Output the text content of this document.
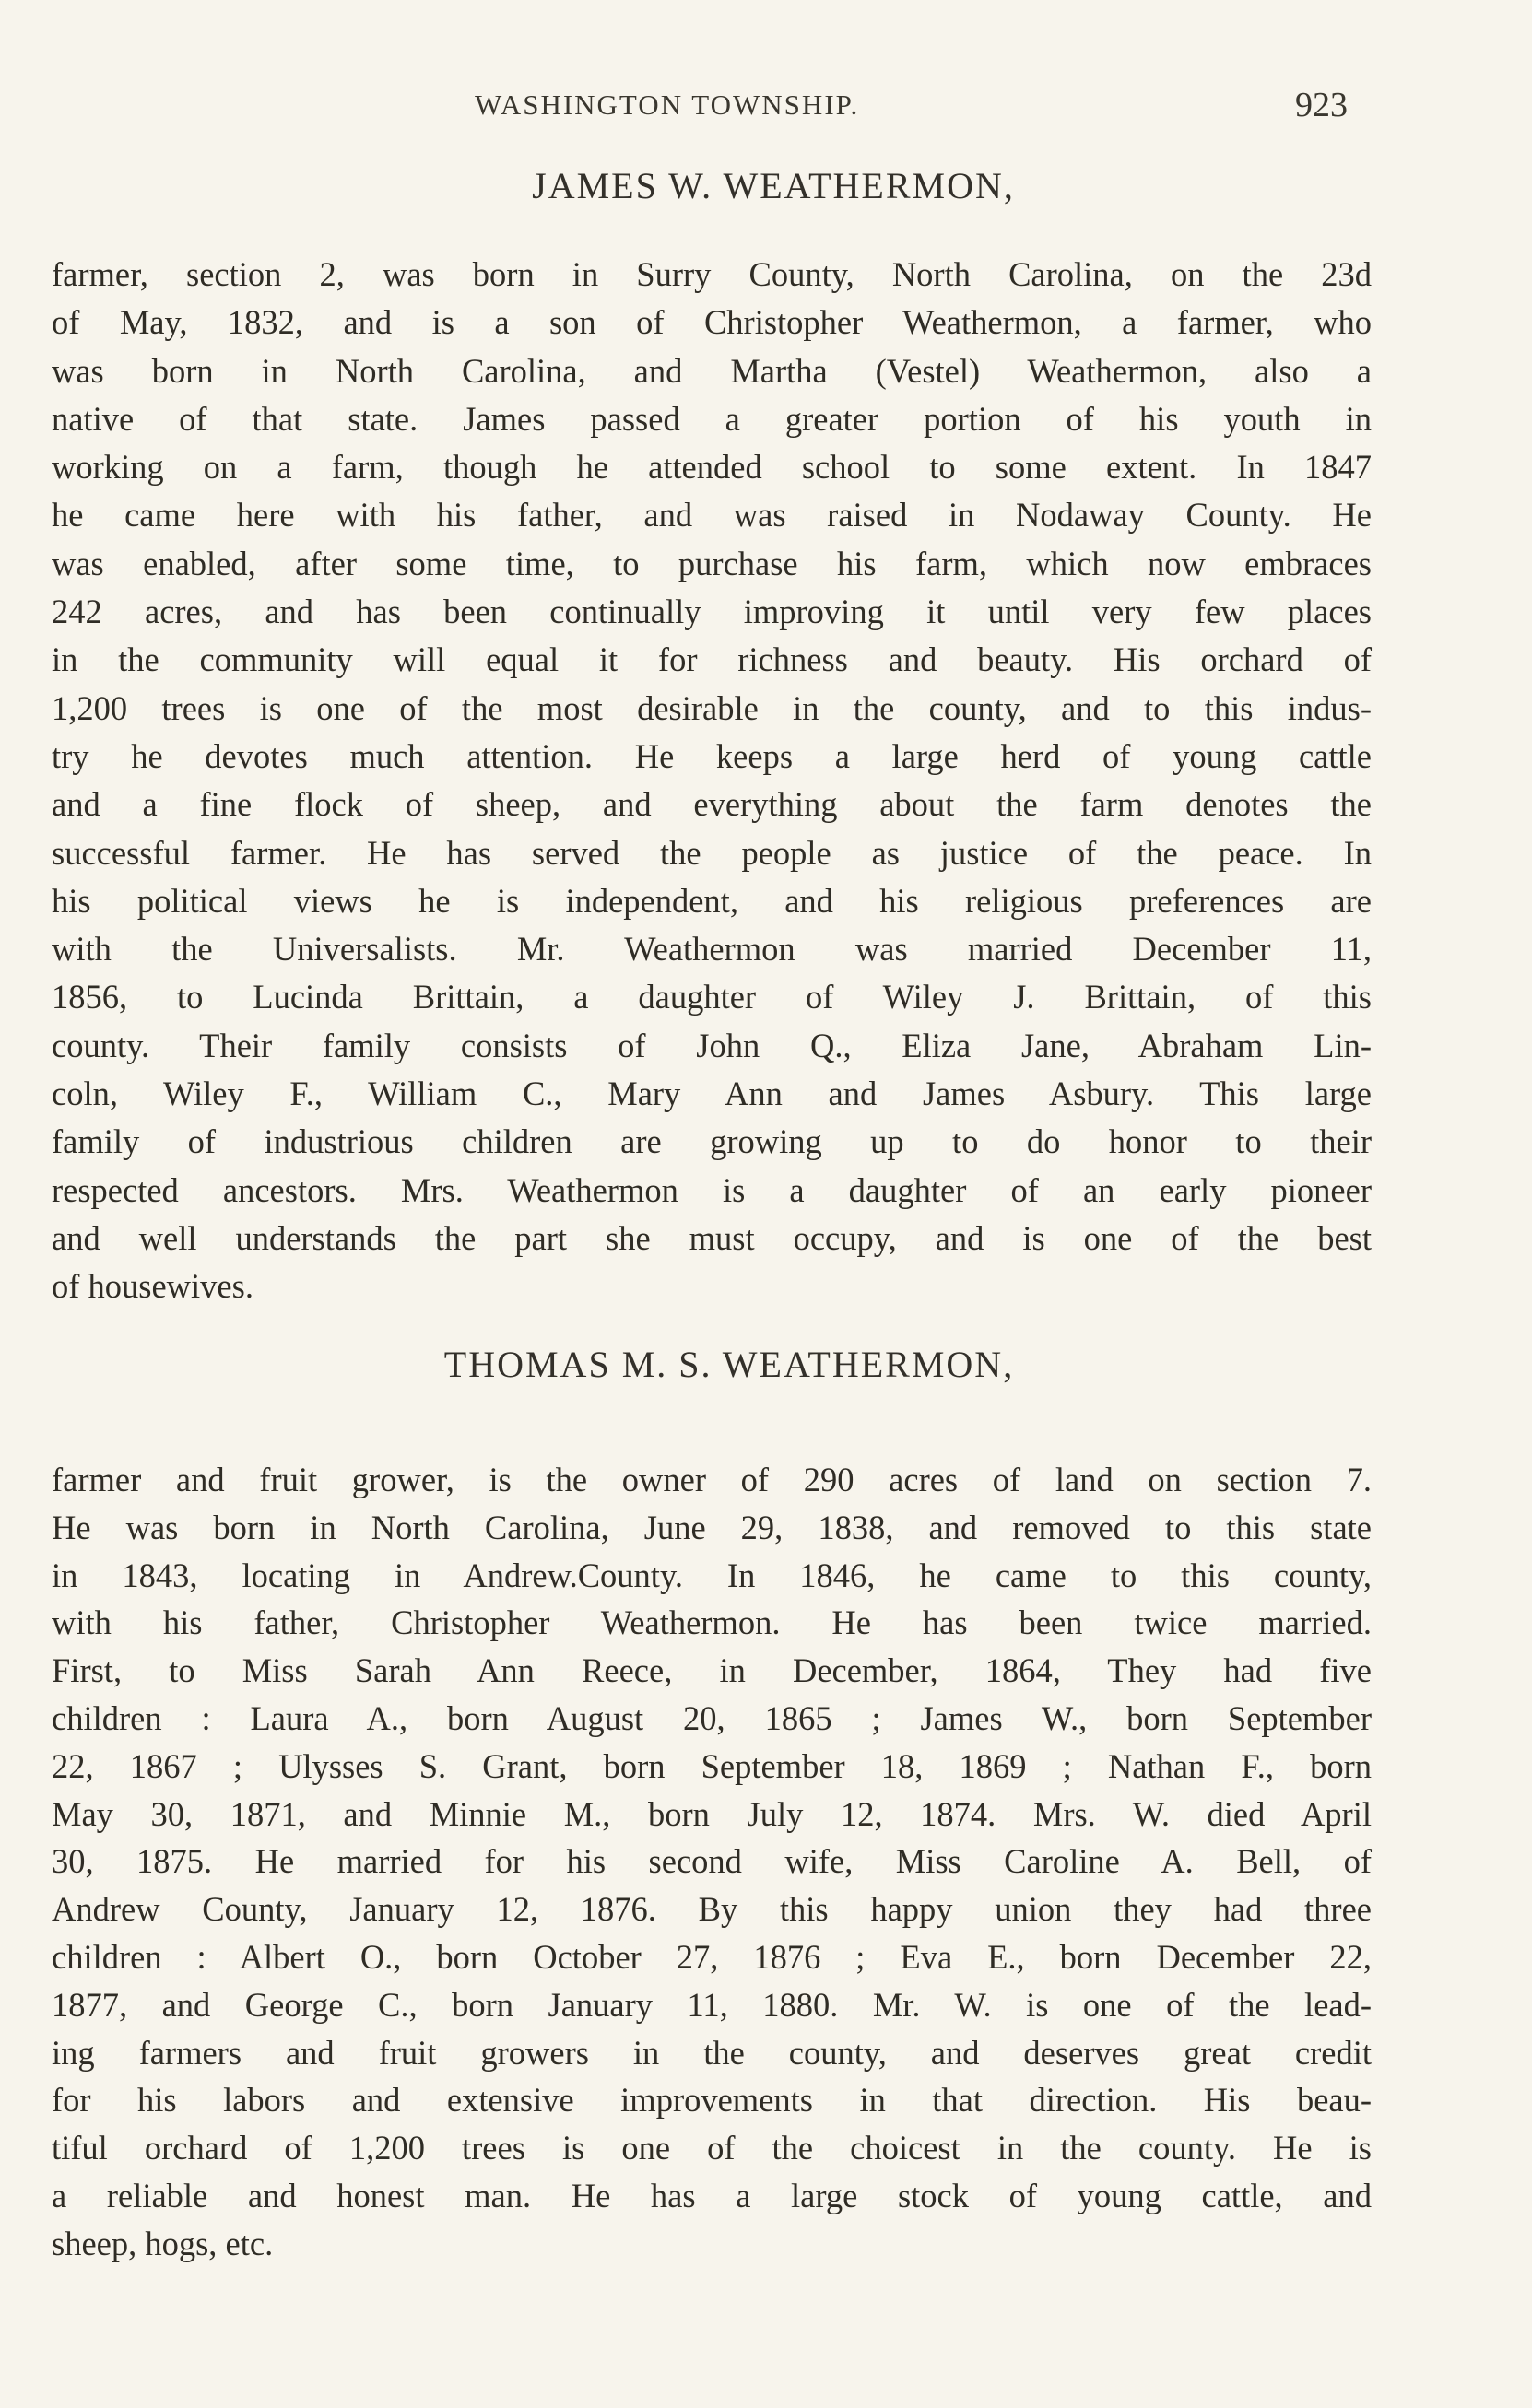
WASHINGTON TOWNSHIP.	923
JAMES W. WEATHERMON,
farmer, section 2, was born in Surry County, North Carolina, on the 23d
of May, 1832, and is a son of Christopher Weathermon, a farmer, who
was born in North Carolina, and Martha (Vestel) Weathermon, also a
native of that state. James passed a greater portion of his youth in
working on a farm, though he attended school to some extent. In 1847
he came here with his father, and was raised in Nodaway County. He
was enabled, after some time, to purchase his farm, which now embraces
242 acres, and has been continually improving it until very few places
in the community will equal it for richness and beauty. His orchard of
1,200 trees is one of the most desirable in the county, and to this indus-
try he devotes much attention. He keeps a large herd of young cattle
and a fine flock of sheep, and everything about the farm denotes the
successful farmer. He has served the people as justice of the peace. In
his political views he is independent, and his religious preferences are
with the Universalists. Mr. Weathermon was married December 11,
1856, to Lucinda Brittain, a daughter of Wiley J. Brittain, of this
county. Their family consists of John Q., Eliza Jane, Abraham Lin-
coln, Wiley F., William C., Mary Ann and James Asbury. This large
family of industrious children are growing up to do honor to their
respected ancestors. Mrs. Weathermon is a daughter of an early pioneer
and well understands the part she must occupy, and is one of the best
of housewives.
THOMAS M. S. WEATHERMON,
farmer and fruit grower, is the owner of 290 acres of land on section 7.
He was born in North Carolina, June 29, 1838, and removed to this state
in 1843, locating in Andrew.County. In 1846, he came to this county,
with his father, Christopher Weathermon. He has been twice married.
First, to Miss Sarah Ann Reece, in December, 1864, They had five
children : Laura A., born August 20, 1865 ; James W., born September
22, 1867 ; Ulysses S. Grant, born September 18, 1869 ; Nathan F., born
May 30, 1871, and Minnie M., born July 12, 1874. Mrs. W. died April
30, 1875. He married for his second wife, Miss Caroline A. Bell, of
Andrew County, January 12, 1876. By this happy union they had three
children : Albert O., born October 27, 1876 ; Eva E., born December 22,
1877, and George C., born January 11, 1880. Mr. W. is one of the lead-
ing farmers and fruit growers in the county, and deserves great credit
for his labors and extensive improvements in that direction. His beau-
tiful orchard of 1,200 trees is one of the choicest in the county. He is
a reliable and honest man. He has a large stock of young cattle, and
sheep, hogs, etc.
